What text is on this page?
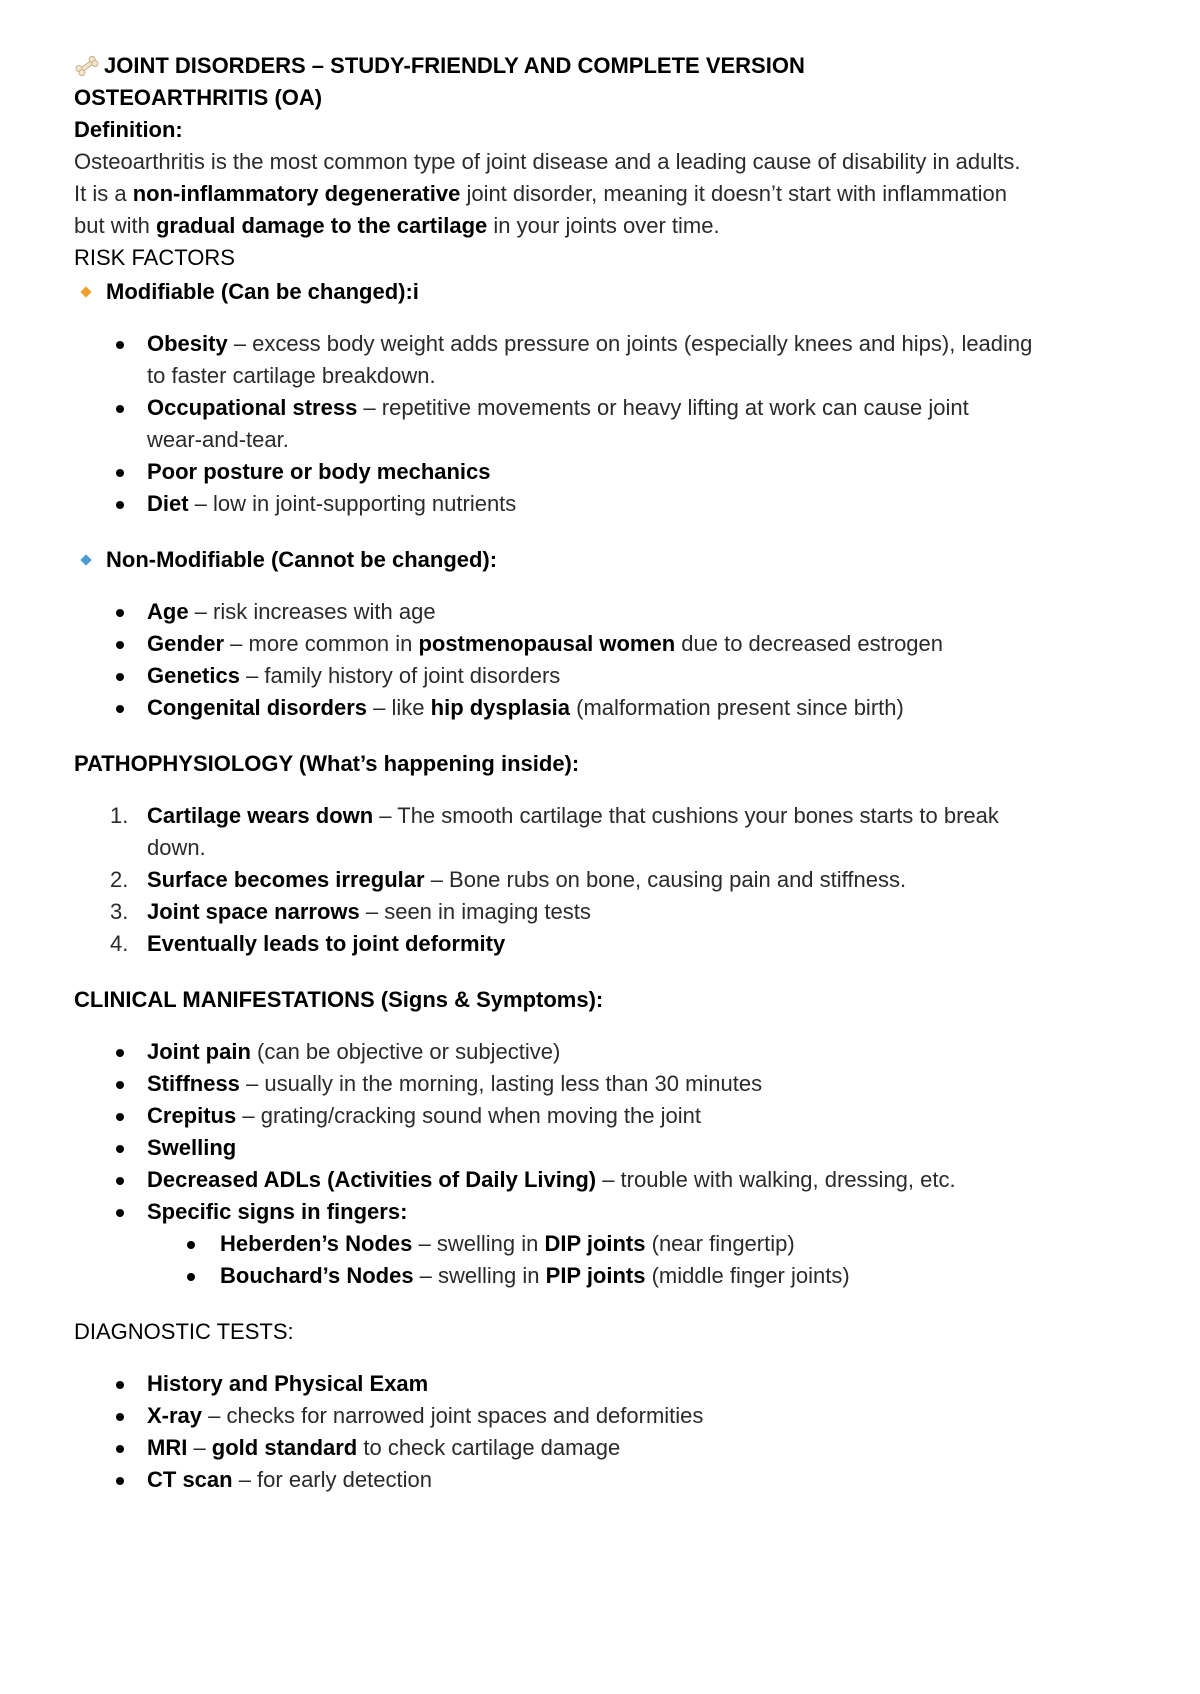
JOINT DISORDERS – STUDY-FRIENDLY AND COMPLETE VERSION
OSTEOARTHRITIS (OA)
Definition:
Osteoarthritis is the most common type of joint disease and a leading cause of disability in adults.
It is a non-inflammatory degenerative joint disorder, meaning it doesn’t start with inflammation
but with gradual damage to the cartilage in your joints over time.
RISK FACTORS
Modifiable (Can be changed):i
Obesity – excess body weight adds pressure on joints (especially knees and hips), leading
to faster cartilage breakdown.
Occupational stress – repetitive movements or heavy lifting at work can cause joint
wear-and-tear.
Poor posture or body mechanics
Diet – low in joint-supporting nutrients
Non-Modifiable (Cannot be changed):
Age – risk increases with age
Gender – more common in postmenopausal women due to decreased estrogen
Genetics – family history of joint disorders
Congenital disorders – like hip dysplasia (malformation present since birth)
PATHOPHYSIOLOGY (What’s happening inside):
1. Cartilage wears down – The smooth cartilage that cushions your bones starts to break
down.
2. Surface becomes irregular – Bone rubs on bone, causing pain and stiffness.
3. Joint space narrows – seen in imaging tests
4. Eventually leads to joint deformity
CLINICAL MANIFESTATIONS (Signs & Symptoms):
Joint pain (can be objective or subjective)
Stiffness – usually in the morning, lasting less than 30 minutes
Crepitus – grating/cracking sound when moving the joint
Swelling
Decreased ADLs (Activities of Daily Living) – trouble with walking, dressing, etc.
Specific signs in fingers:
Heberden’s Nodes – swelling in DIP joints (near fingertip)
Bouchard’s Nodes – swelling in PIP joints (middle finger joints)
DIAGNOSTIC TESTS:
History and Physical Exam
X-ray – checks for narrowed joint spaces and deformities
MRI – gold standard to check cartilage damage
CT scan – for early detection
